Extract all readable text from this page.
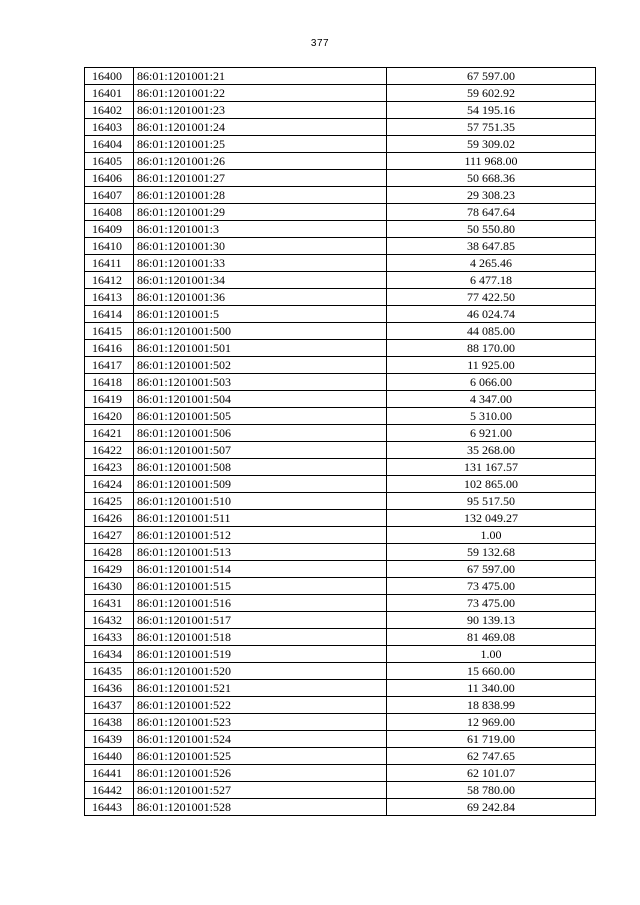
377
16400	86:01:1201001:21	67 597.00
16401	86:01:1201001:22	59 602.92
16402	86:01:1201001:23	54 195.16
16403	86:01:1201001:24	57 751.35
16404	86:01:1201001:25	59 309.02
16405	86:01:1201001:26	111 968.00
16406	86:01:1201001:27	50 668.36
16407	86:01:1201001:28	29 308.23
16408	86:01:1201001:29	78 647.64
16409	86:01:1201001:3	50 550.80
16410	86:01:1201001:30	38 647.85
16411	86:01:1201001:33	4 265.46
16412	86:01:1201001:34	6 477.18
16413	86:01:1201001:36	77 422.50
16414	86:01:1201001:5	46 024.74
16415	86:01:1201001:500	44 085.00
16416	86:01:1201001:501	88 170.00
16417	86:01:1201001:502	11 925.00
16418	86:01:1201001:503	6 066.00
16419	86:01:1201001:504	4 347.00
16420	86:01:1201001:505	5 310.00
16421	86:01:1201001:506	6 921.00
16422	86:01:1201001:507	35 268.00
16423	86:01:1201001:508	131 167.57
16424	86:01:1201001:509	102 865.00
16425	86:01:1201001:510	95 517.50
16426	86:01:1201001:511	132 049.27
16427	86:01:1201001:512	1.00
16428	86:01:1201001:513	59 132.68
16429	86:01:1201001:514	67 597.00
16430	86:01:1201001:515	73 475.00
16431	86:01:1201001:516	73 475.00
16432	86:01:1201001:517	90 139.13
16433	86:01:1201001:518	81 469.08
16434	86:01:1201001:519	1.00
16435	86:01:1201001:520	15 660.00
16436	86:01:1201001:521	11 340.00
16437	86:01:1201001:522	18 838.99
16438	86:01:1201001:523	12 969.00
16439	86:01:1201001:524	61 719.00
16440	86:01:1201001:525	62 747.65
16441	86:01:1201001:526	62 101.07
16442	86:01:1201001:527	58 780.00
16443	86:01:1201001:528	69 242.84
